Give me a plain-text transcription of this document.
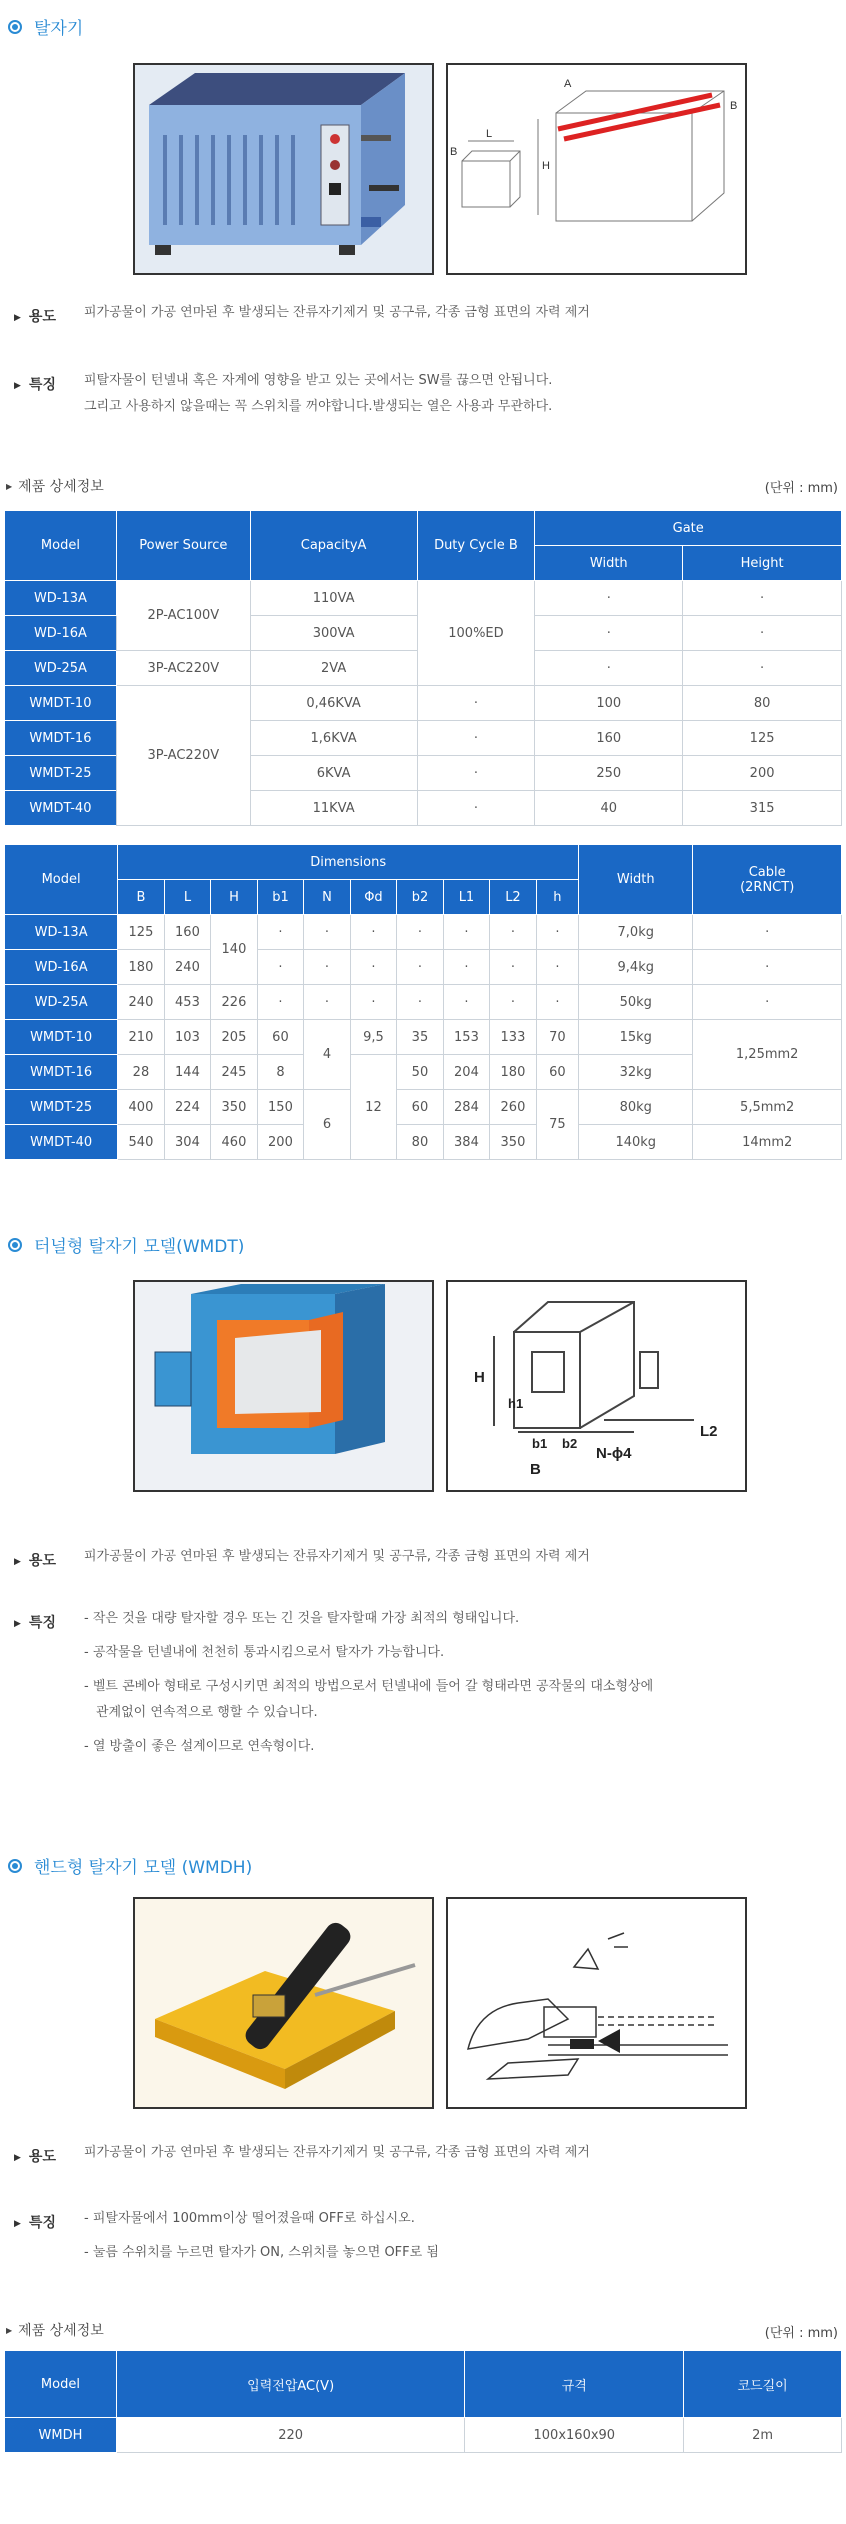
탈자기
A
B
L
H
B
▶ 용도 피가공물이 가공 연마된 후 발생되는 잔류자기제거 및 공구류, 각종 금형 표면의 자력 제거
▶ 특징 피탈자물이 턴넬내 혹은 자계에 영향을 받고 있는 곳에서는 SW를 끊으면 안됩니다.
그리고 사용하지 않을때는 꼭 스위치를 꺼야합니다.발생되는 열은 사용과 무관하다.
▶ 제품 상세정보	(단위 : mm)
Model	Power Source	CapacityA	Duty Cycle B	Gate	
				Width	Height
WD-13A	2P-AC100V	110VA	100%ED	·	·
WD-16A		300VA		·	·
WD-25A	3P-AC220V	2VA		·	·
WMDT-10	3P-AC220V	0,46KVA	·	100	80
WMDT-16		1,6KVA	·	160	125
WMDT-25		6KVA	·	250	200
WMDT-40		11KVA	·	40	315
Model	Dimensions										Width	Cable
(2RNCT)

	B	L	H	b1	N	Φd	b2	L1	L2	h		
WD-13A	125	160	140	·	·	·	·	·	·	·	7,0kg	·
WD-16A	180	240		·	·	·	·	·	·	·	9,4kg	·
WD-25A	240	453	226	·	·	·	·	·	·	·	50kg	·
WMDT-10	210	103	205	60	4	9,5	35	153	133	70	15kg	1,25mm2
WMDT-16	28	144	245	8		12	50	204	180	60	32kg	
WMDT-25	400	224	350	150	6		60	284	260	75	80kg	5,5mm2
WMDT-40	540	304	460	200			80	384	350		140kg	14mm2
터널형 탈자기 모델(WMDT)
H
h1
b1 b2
B
N-ϕ4
L2
▶ 용도 피가공물이 가공 연마된 후 발생되는 잔류자기제거 및 공구류, 각종 금형 표면의 자력 제거
▶ 특징 - 작은 것을 대량 탈자할 경우 또는 긴 것을 탈자할때 가장 최적의 형태입니다.
- 공작물을 턴넬내에 천천히 통과시킴으로서 탈자가 가능합니다.
- 벨트 콘베아 형태로 구성시키면 최적의 방법으로서 턴넬내에 들어 갈 형태라면 공작물의 대소형상에
관계없이 연속적으로 행할 수 있습니다.
- 열 방출이 좋은 설계이므로 연속형이다.
핸드형 탈자기 모델 (WMDH)
▶ 용도 피가공물이 가공 연마된 후 발생되는 잔류자기제거 및 공구류, 각종 금형 표면의 자력 제거
▶ 특징 - 피탈자물에서 100mm이상 떨어졌을때 OFF로 하십시오.
- 눌름 수위치를 누르면 탈자가 ON, 스위치를 놓으면 OFF로 됨
▶ 제품 상세정보	(단위 : mm)
Model	입력전압AC(V)	규격	코드길이
WMDH	220	100x160x90	2m
